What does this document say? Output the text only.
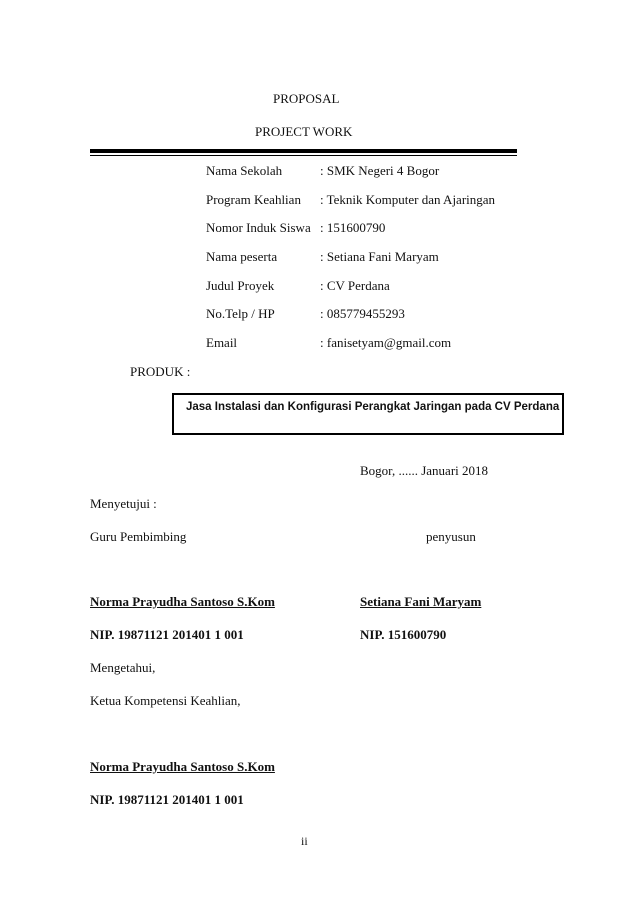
PROPOSAL
PROJECT WORK
Nama Sekolah	: SMK Negeri 4 Bogor
Program Keahlian : Teknik Komputer dan Ajaringan
Nomor Induk Siswa : 151600790
Nama peserta	: Setiana Fani Maryam
Judul Proyek	: CV Perdana
No.Telp / HP	: 085779455293
Email	: fanisetyam@gmail.com
PRODUK :
Jasa Instalasi dan Konfigurasi Perangkat Jaringan pada CV Perdana
Bogor, ...... Januari 2018
Menyetujui :
Guru Pembimbing	penyusun
Norma Prayudha Santoso S.Kom	Setiana Fani Maryam
NIP. 19871121 201401 1 001	NIP. 151600790
Mengetahui,
Ketua Kompetensi Keahlian,
Norma Prayudha Santoso S.Kom
NIP. 19871121 201401 1 001
ii
